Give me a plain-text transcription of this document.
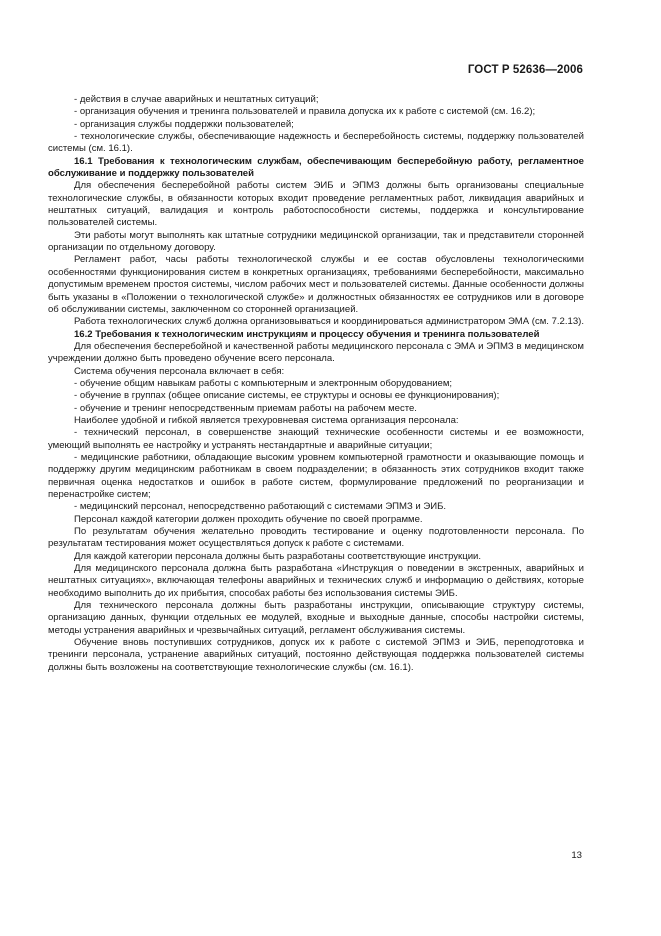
ГОСТ Р 52636—2006

- действия в случае аварийных и нештатных ситуаций;

- организация обучения и тренинга пользователей и правила допуска их к работе с системой (см. 16.2);

- организация службы поддержки пользователей;

- технологические службы, обеспечивающие надежность и бесперебойность системы, поддержку пользователей системы (см. 16.1).

16.1 Требования к технологическим службам, обеспечивающим бесперебойную работу, регламентное обслуживание и поддержку пользователей

Для обеспечения бесперебойной работы систем ЭИБ и ЭПМЗ должны быть организованы специальные технологические службы, в обязанности которых входит проведение регламентных работ, ликвидация аварийных и нештатных ситуаций, валидация и контроль работоспособности системы, поддержка и консультирование пользователей системы.

Эти работы могут выполнять как штатные сотрудники медицинской организации, так и представители сторонней организации по отдельному договору.

Регламент работ, часы работы технологической службы и ее состав обусловлены технологическими особенностями функционирования систем в конкретных организациях, требованиями бесперебойности, максимально допустимым временем простоя системы, числом рабочих мест и пользователей системы. Данные особенности должны быть указаны в «Положении о технологической службе» и должностных обязанностях ее сотрудников или в договоре об обслуживании системы, заключенном со сторонней организацией.

Работа технологических служб должна организовываться и координироваться администратором ЭМА (см. 7.2.13).

16.2 Требования к технологическим инструкциям и процессу обучения и тренинга пользователей

Для обеспечения бесперебойной и качественной работы медицинского персонала с ЭМА и ЭПМЗ в медицинском учреждении должно быть проведено обучение всего персонала.

Система обучения персонала включает в себя:

- обучение общим навыкам работы с компьютерным и электронным оборудованием;

- обучение в группах (общее описание системы, ее структуры и основы ее функционирования);

- обучение и тренинг непосредственным приемам работы на рабочем месте.

Наиболее удобной и гибкой является трехуровневая система организация персонала:

- технический персонал, в совершенстве знающий технические особенности системы и ее возможности, умеющий выполнять ее настройку и устранять нестандартные и аварийные ситуации;

- медицинские работники, обладающие высоким уровнем компьютерной грамотности и оказывающие помощь и поддержку другим медицинским работникам в своем подразделении; в обязанность этих сотрудников входит также первичная оценка недостатков и ошибок в работе систем, формулирование предложений по реорганизации и перенастройке систем;

- медицинский персонал, непосредственно работающий с системами ЭПМЗ и ЭИБ.

Персонал каждой категории должен проходить обучение по своей программе.

По результатам обучения желательно проводить тестирование и оценку подготовленности персонала. По результатам тестирования может осуществляться допуск к работе с системами.

Для каждой категории персонала должны быть разработаны соответствующие инструкции.

Для медицинского персонала должна быть разработана «Инструкция о поведении в экстренных, аварийных и нештатных ситуациях», включающая телефоны аварийных и технических служб и информацию о действиях, которые необходимо выполнить до их прибытия, способах работы без использования системы ЭИБ.

Для технического персонала должны быть разработаны инструкции, описывающие структуру системы, организацию данных, функции отдельных ее модулей, входные и выходные данные, способы настройки системы, методы устранения аварийных и чрезвычайных ситуаций, регламент обслуживания системы.

Обучение вновь поступивших сотрудников, допуск их к работе с системой ЭПМЗ и ЭИБ, переподготовка и тренинги персонала, устранение аварийных ситуаций, постоянно действующая поддержка пользователей системы должны быть возложены на соответствующие технологические службы (см. 16.1).

13
